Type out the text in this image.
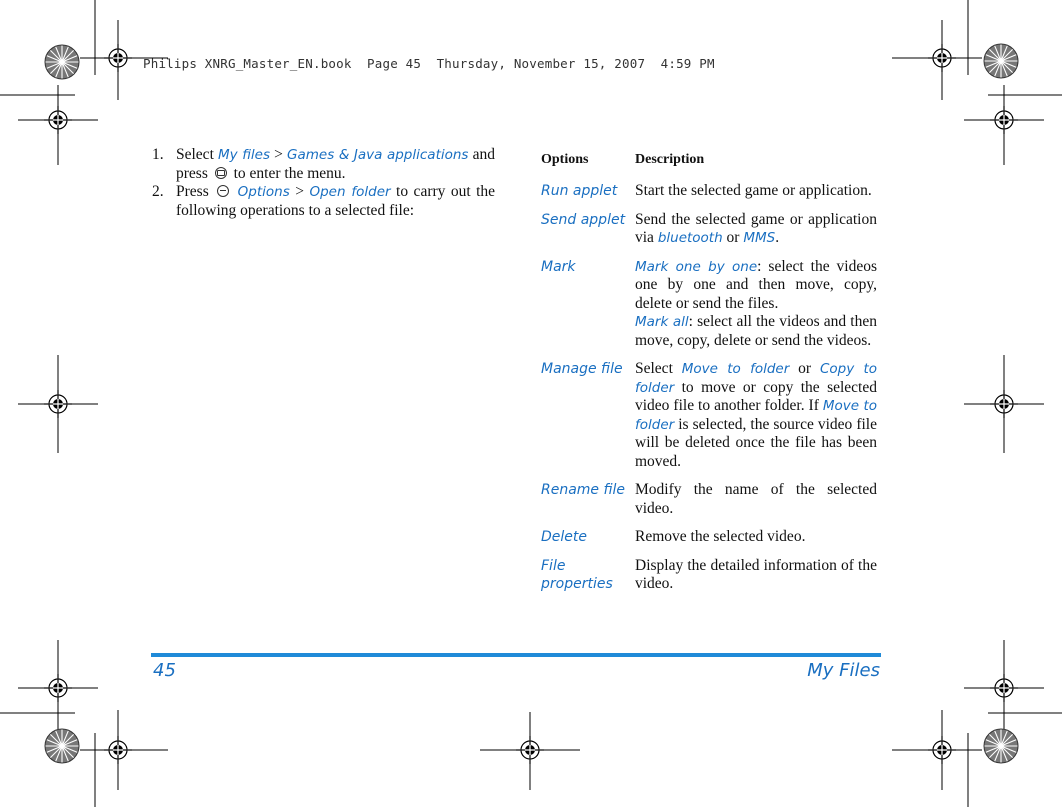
Philips XNRG_Master_EN.book  Page 45  Thursday, November 15, 2007  4:59 PM
1. Select My files > Games & Java applications and press to enter the menu.
2. Press Options > Open folder to carry out the following operations to a selected file:
Options	Description
Run applet	Start the selected game or application.
Send applet	Send the selected game or application via bluetooth or MMS.
Mark	Mark one by one: select the videos one by one and then move, copy, delete or send the files.
Mark all: select all the videos and then move, copy, delete or send the videos.

Manage file	Select Move to folder or Copy to folder to move or copy the selected video file to another folder. If Move to folder is selected, the source video file will be deleted once the file has been moved.
Rename file	Modify the name of the selected video.
Delete	Remove the selected video.
File properties	Display the detailed information of the video.
45	My Files
